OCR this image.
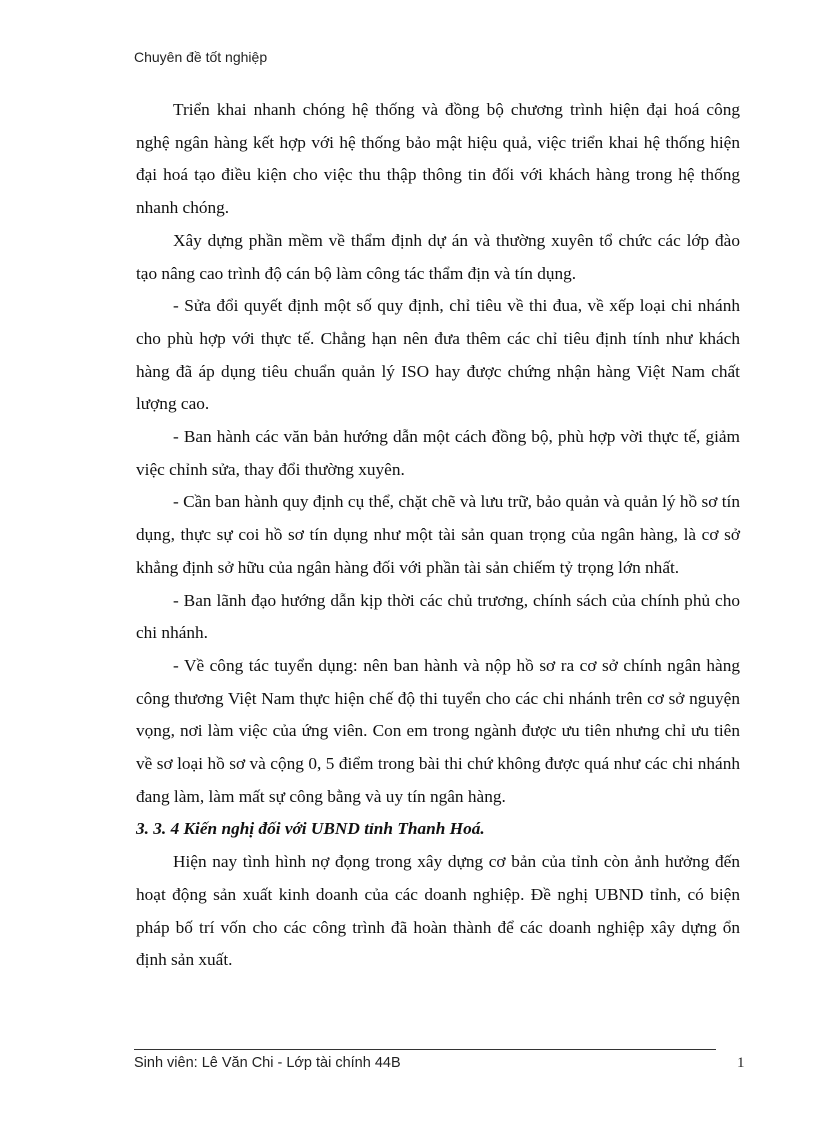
Chuyên đề tốt nghiệp

Triển khai nhanh chóng hệ thống và đồng bộ chương trình hiện đại hoá công nghệ ngân hàng kết hợp với hệ thống bảo mật hiệu quả, việc triển khai hệ thống hiện đại hoá tạo điều kiện cho việc thu thập thông tin đối với khách hàng trong hệ thống nhanh chóng.

Xây dựng phần mềm về thẩm định dự án và thường xuyên tổ chức các lớp đào tạo nâng cao trình độ cán bộ làm công tác thẩm địn và tín dụng.

- Sửa đổi quyết định một số quy định, chỉ tiêu về thi đua, về xếp loại chi nhánh cho phù hợp với thực tế. Chẳng hạn nên đưa thêm các chỉ tiêu định tính như khách hàng đã áp dụng tiêu chuẩn quản lý ISO hay được chứng nhận hàng Việt Nam chất lượng cao.

- Ban hành các văn bản hướng dẫn một cách đồng bộ, phù hợp vời thực tế, giảm việc chỉnh sửa, thay đổi thường xuyên.

- Cần ban hành quy định cụ thể, chặt chẽ và lưu trữ, bảo quản và quản lý hồ sơ tín dụng, thực sự coi hồ sơ tín dụng như một tài sản quan trọng của ngân hàng, là cơ sở khẳng định sở hữu của ngân hàng đối với phần tài sản chiếm tỷ trọng lớn nhất.

- Ban lãnh đạo hướng dẫn kịp thời các chủ trương, chính sách của chính phủ cho chi nhánh.

- Về công tác tuyển dụng: nên ban hành và nộp hồ sơ ra cơ sở chính ngân hàng công thương Việt Nam thực hiện chế độ thi tuyển cho các chi nhánh trên cơ sở nguyện vọng, nơi làm việc của ứng viên. Con em trong ngành được ưu tiên nhưng chỉ ưu tiên về sơ loại hồ sơ và cộng 0, 5 điểm trong bài thi chứ không được quá như các chi nhánh đang làm, làm mất sự công bằng và uy tín ngân hàng.

3. 3. 4 Kiến nghị đối với UBND tỉnh Thanh Hoá.

Hiện nay tình hình nợ đọng trong xây dựng cơ bản của tỉnh còn ảnh hưởng đến hoạt động sản xuất kinh doanh của các doanh nghiệp. Đề nghị UBND tỉnh, có biện pháp bố trí vốn cho các công trình đã hoàn thành để các doanh nghiệp xây dựng ổn định sản xuất.

Sinh viên: Lê Văn Chi - Lớp tài chính 44B	1
